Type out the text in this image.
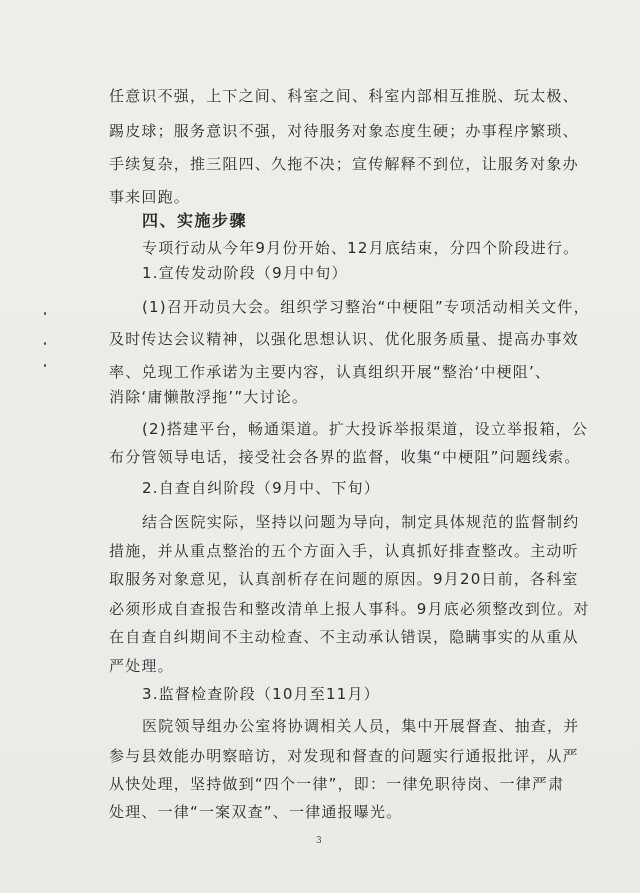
任意识不强，上下之间、科室之间、科室内部相互推脱、玩太极、
踢皮球；服务意识不强，对待服务对象态度生硬；办事程序繁琐、
手续复杂，推三阻四、久拖不决；宣传解释不到位，让服务对象办
事来回跑。
四、实施步骤
专项行动从今年9月份开始、12月底结束，分四个阶段进行。
1.宣传发动阶段（9月中旬）
(1)召开动员大会。组织学习整治“中梗阻”专项活动相关文件，
及时传达会议精神，以强化思想认识、优化服务质量、提高办事效
率、兑现工作承诺为主要内容，认真组织开展“整治‘中梗阻’、
消除‘庸懒散浮拖’”大讨论。
(2)搭建平台，畅通渠道。扩大投诉举报渠道，设立举报箱，公
布分管领导电话，接受社会各界的监督，收集“中梗阻”问题线索。
2.自查自纠阶段（9月中、下旬）
结合医院实际，坚持以问题为导向，制定具体规范的监督制约
措施，并从重点整治的五个方面入手，认真抓好排查整改。主动听
取服务对象意见，认真剖析存在问题的原因。9月20日前，各科室
必须形成自查报告和整改清单上报人事科。9月底必须整改到位。对
在自查自纠期间不主动检查、不主动承认错误，隐瞒事实的从重从
严处理。
3.监督检查阶段（10月至11月）
医院领导组办公室将协调相关人员，集中开展督查、抽查，并
参与县效能办明察暗访，对发现和督查的问题实行通报批评，从严
从快处理，坚持做到“四个一律”，即：一律免职待岗、一律严肃
处理、一律“一案双查”、一律通报曝光。
3
